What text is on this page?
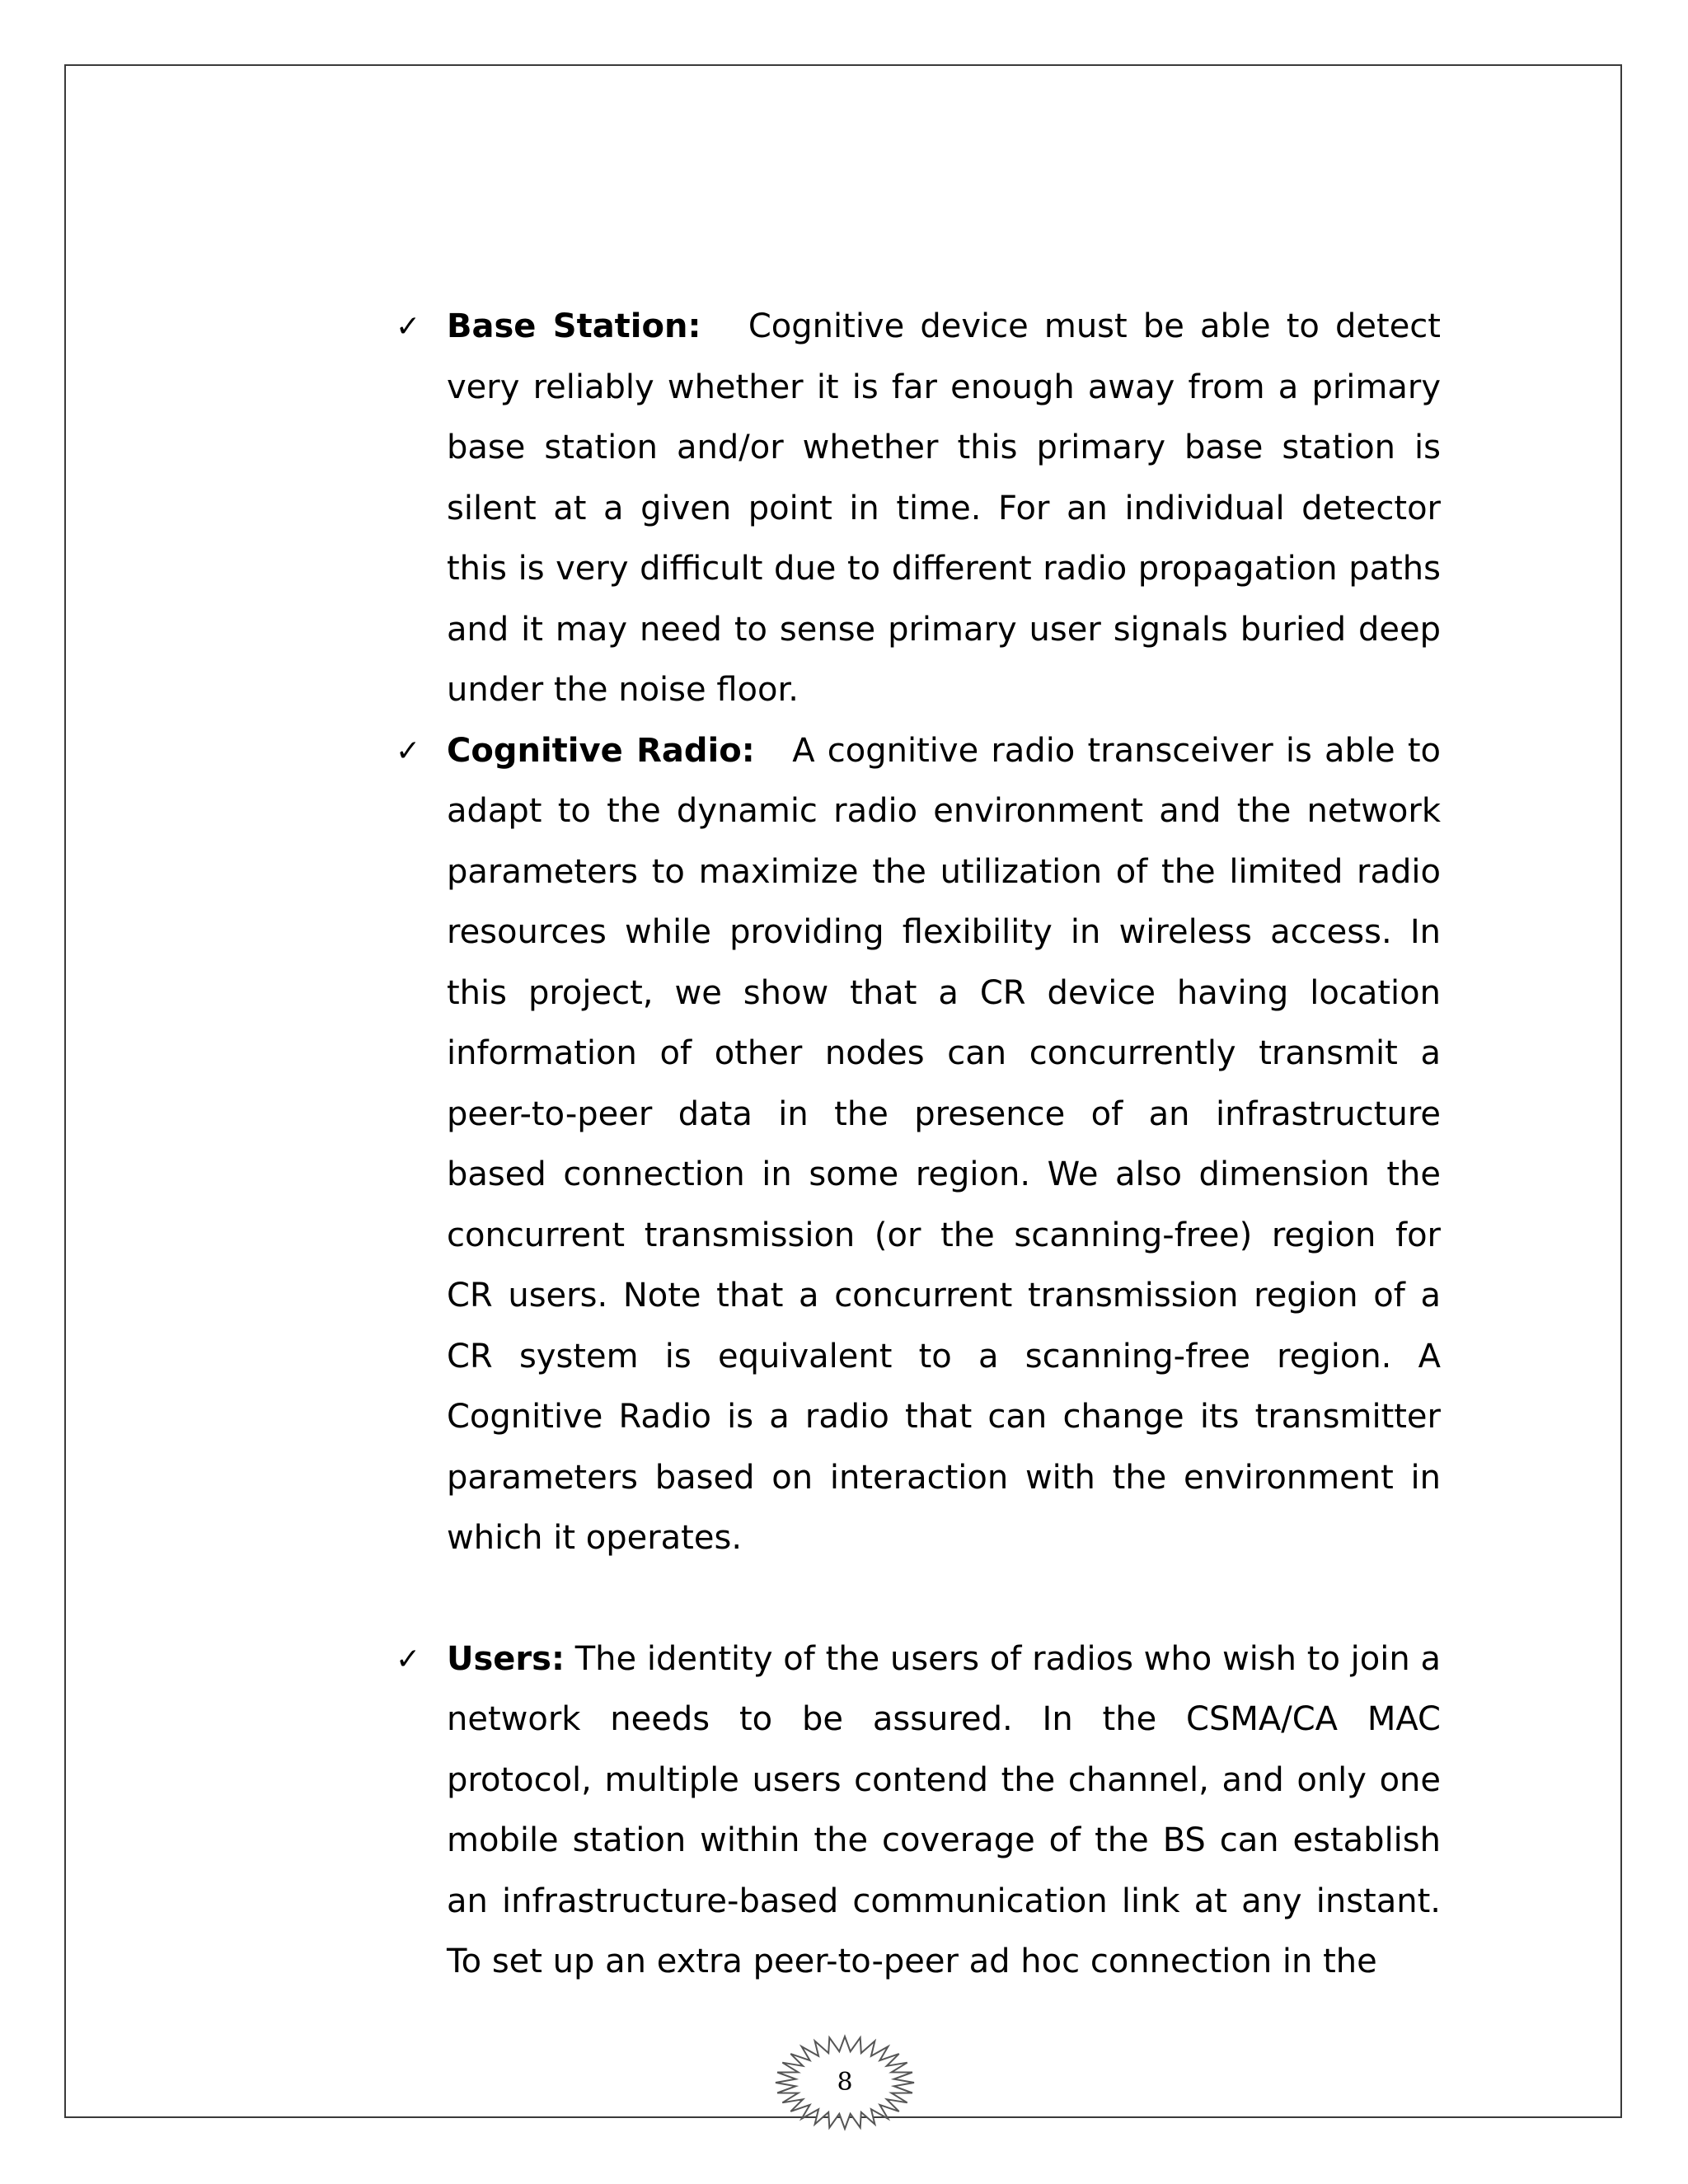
✓ Base Station: Cognitive device must be able to detect very reliably whether it is far enough away from a primary base station and/or whether this primary base station is silent at a given point in time. For an individual detector this is very difficult due to different radio propagation paths and it may need to sense primary user signals buried deep under the noise floor.

✓ Cognitive Radio: A cognitive radio transceiver is able to adapt to the dynamic radio environment and the network parameters to maximize the utilization of the limited radio resources while providing flexibility in wireless access. In this project, we show that a CR device having location information of other nodes can concurrently transmit a peer-to-peer data in the presence of an infrastructure based connection in some region. We also dimension the concurrent transmission (or the scanning-free) region for CR users. Note that a concurrent transmission region of a CR system is equivalent to a scanning-free region. A Cognitive Radio is a radio that can change its transmitter parameters based on interaction with the environment in which it operates.

✓ Users: The identity of the users of radios who wish to join a network needs to be assured. In the CSMA/CA MAC protocol, multiple users contend the channel, and only one mobile station within the coverage of the BS can establish an infrastructure-based communication link at any instant. To set up an extra peer-to-peer ad hoc connection in the

8
